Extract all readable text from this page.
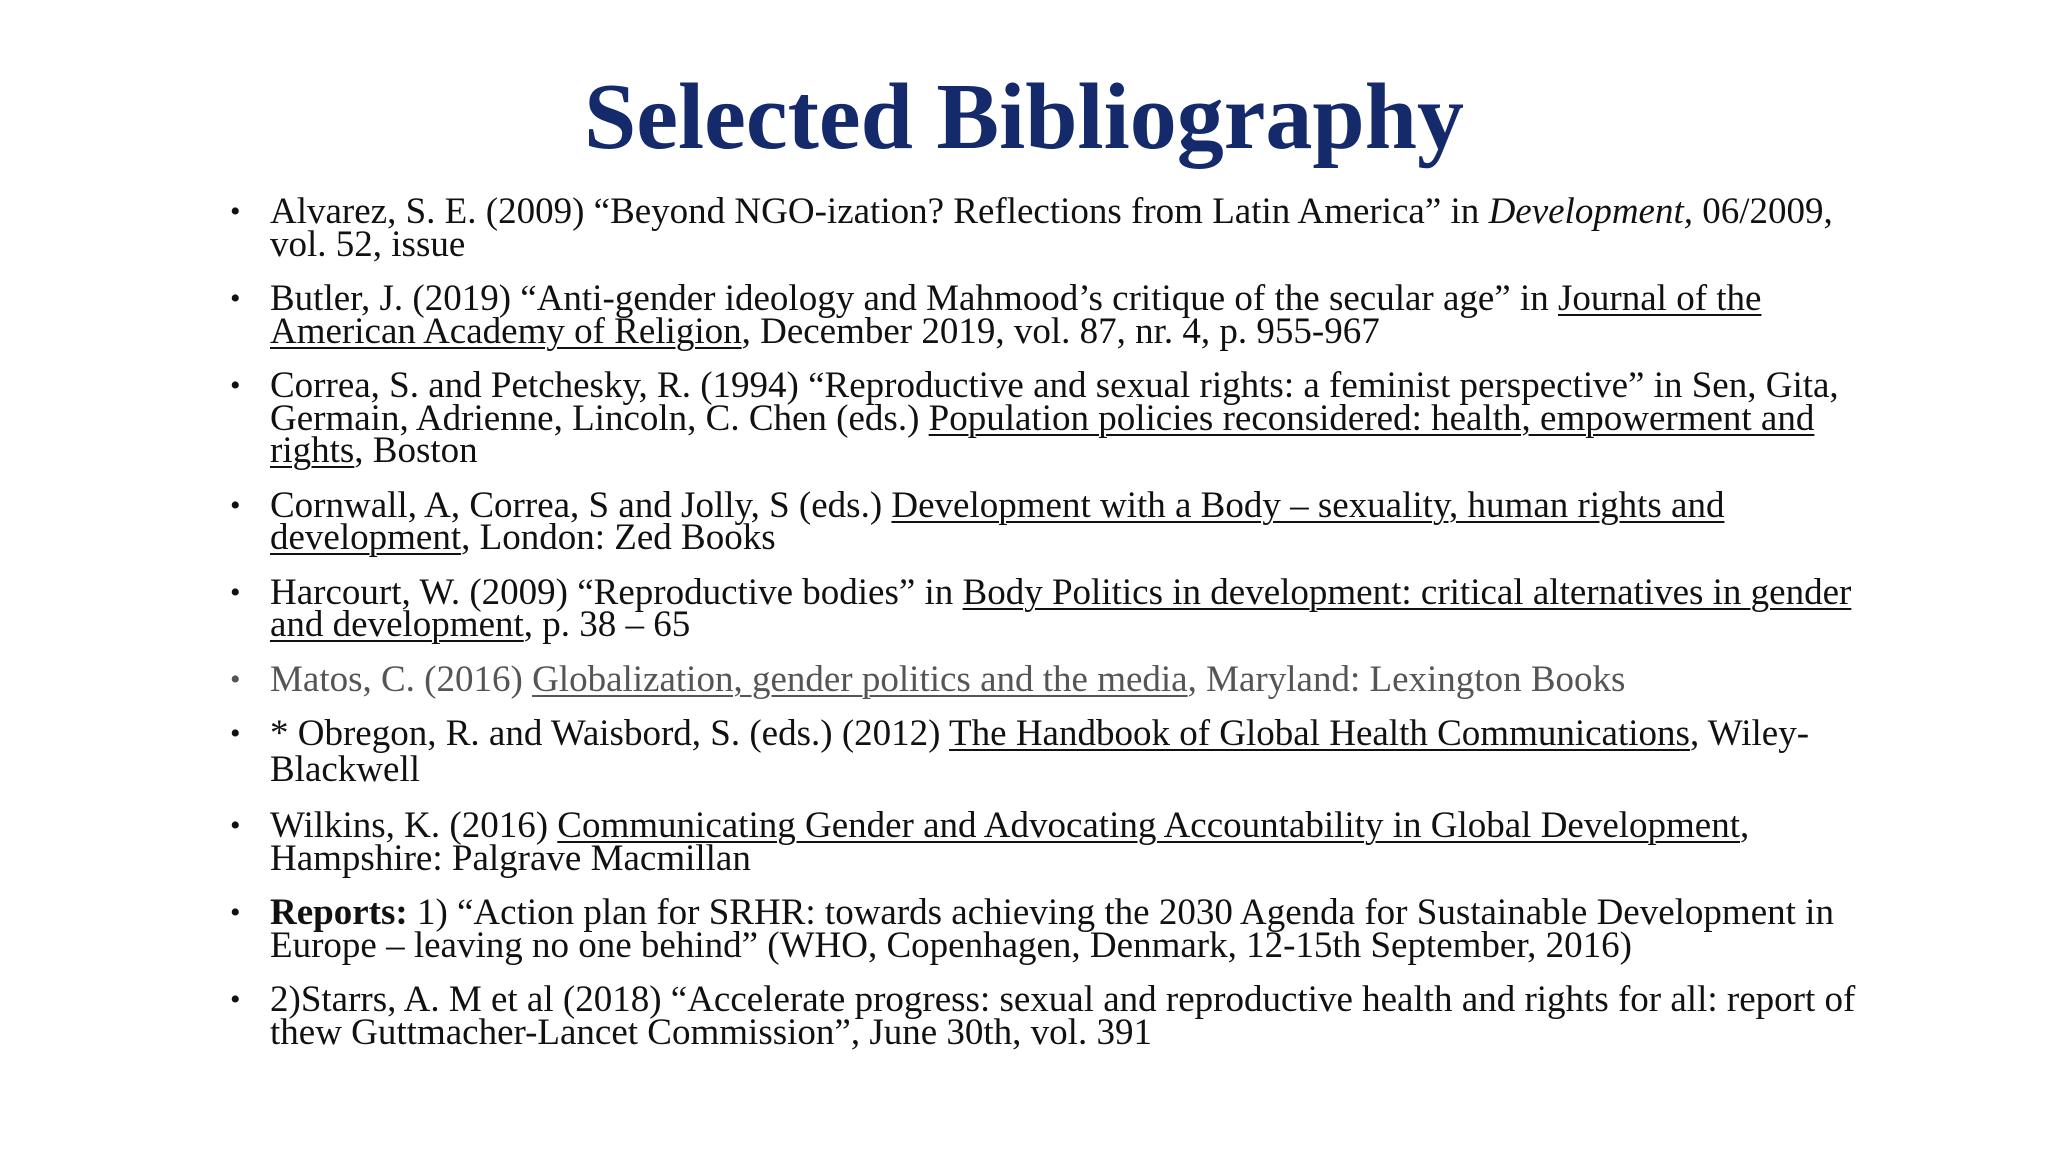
Selected Bibliography
• Alvarez, S. E. (2009) “Beyond NGO-ization? Reflections from Latin America” in Development, 06/2009, vol. 52, issue
• Butler, J. (2019) “Anti-gender ideology and Mahmood’s critique of the secular age” in Journal of the American Academy of Religion, December 2019, vol. 87, nr. 4, p. 955-967
• Correa, S. and Petchesky, R. (1994) “Reproductive and sexual rights: a feminist perspective” in Sen, Gita, Germain, Adrienne, Lincoln, C. Chen (eds.) Population policies reconsidered: health, empowerment and rights, Boston
• Cornwall, A, Correa, S and Jolly, S (eds.) Development with a Body – sexuality, human rights and development, London: Zed Books
• Harcourt, W. (2009) “Reproductive bodies” in Body Politics in development: critical alternatives in gender and development, p. 38 – 65
• Matos, C. (2016) Globalization, gender politics and the media, Maryland: Lexington Books
• * Obregon, R. and Waisbord, S. (eds.) (2012) The Handbook of Global Health Communications, Wiley-Blackwell
• Wilkins, K. (2016) Communicating Gender and Advocating Accountability in Global Development, Hampshire: Palgrave Macmillan
• Reports: 1) “Action plan for SRHR: towards achieving the 2030 Agenda for Sustainable Development in Europe – leaving no one behind” (WHO, Copenhagen, Denmark, 12-15th September, 2016)
• 2)Starrs, A. M et al (2018) “Accelerate progress: sexual and reproductive health and rights for all: report of thew Guttmacher-Lancet Commission”, June 30th, vol. 391
